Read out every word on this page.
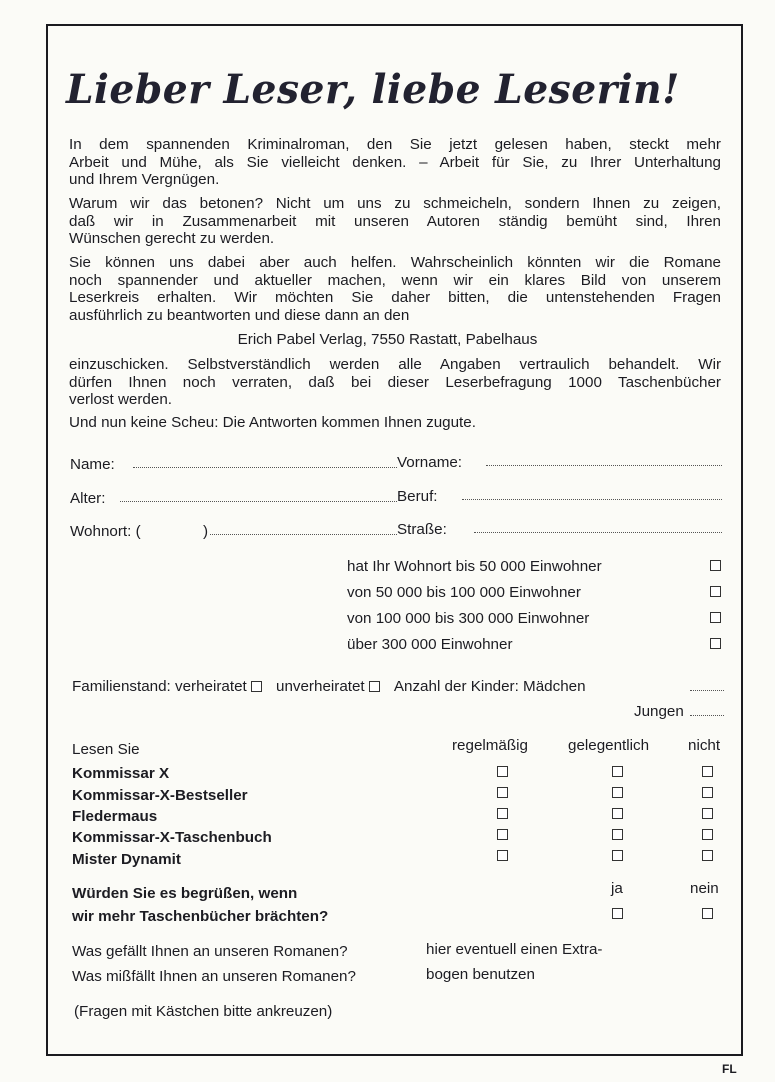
Lieber Leser, liebe Leserin!
In dem spannenden Kriminalroman, den Sie jetzt gelesen haben, steckt mehr
Arbeit und Mühe, als Sie vielleicht denken. – Arbeit für Sie, zu Ihrer Unterhaltung
und Ihrem Vergnügen.
Warum wir das betonen? Nicht um uns zu schmeicheln, sondern Ihnen zu zeigen,
daß wir in Zusammenarbeit mit unseren Autoren ständig bemüht sind, Ihren
Wünschen gerecht zu werden.
Sie können uns dabei aber auch helfen. Wahrscheinlich könnten wir die Romane
noch spannender und aktueller machen, wenn wir ein klares Bild von unserem
Leserkreis erhalten. Wir möchten Sie daher bitten, die untenstehenden Fragen
ausführlich zu beantworten und diese dann an den
Erich Pabel Verlag, 7550 Rastatt, Pabelhaus
einzuschicken. Selbstverständlich werden alle Angaben vertraulich behandelt. Wir
dürfen Ihnen noch verraten, daß bei dieser Leserbefragung 1000 Taschenbücher
verlost werden.
Und nun keine Scheu: Die Antworten kommen Ihnen zugute.
Name:	Vorname:
Alter:	Beruf:
Wohnort: (	)	Straße:
hat Ihr Wohnort bis 50 000 Einwohner
von 50 000 bis 100 000 Einwohner
von 100 000 bis 300 000 Einwohner
über 300 000 Einwohner
Familienstand: verheiratet unverheiratet Anzahl der Kinder: Mädchen
Jungen
Lesen Sie	regelmäßig	gelegentlich	nicht
Kommissar X
Kommissar-X-Bestseller
Fledermaus
Kommissar-X-Taschenbuch
Mister Dynamit
Würden Sie es begrüßen, wenn
wir mehr Taschenbücher brächten?
ja	nein
Was gefällt Ihnen an unseren Romanen?
Was mißfällt Ihnen an unseren Romanen?
hier eventuell einen Extra-
bogen benutzen
(Fragen mit Kästchen bitte ankreuzen)
FL
